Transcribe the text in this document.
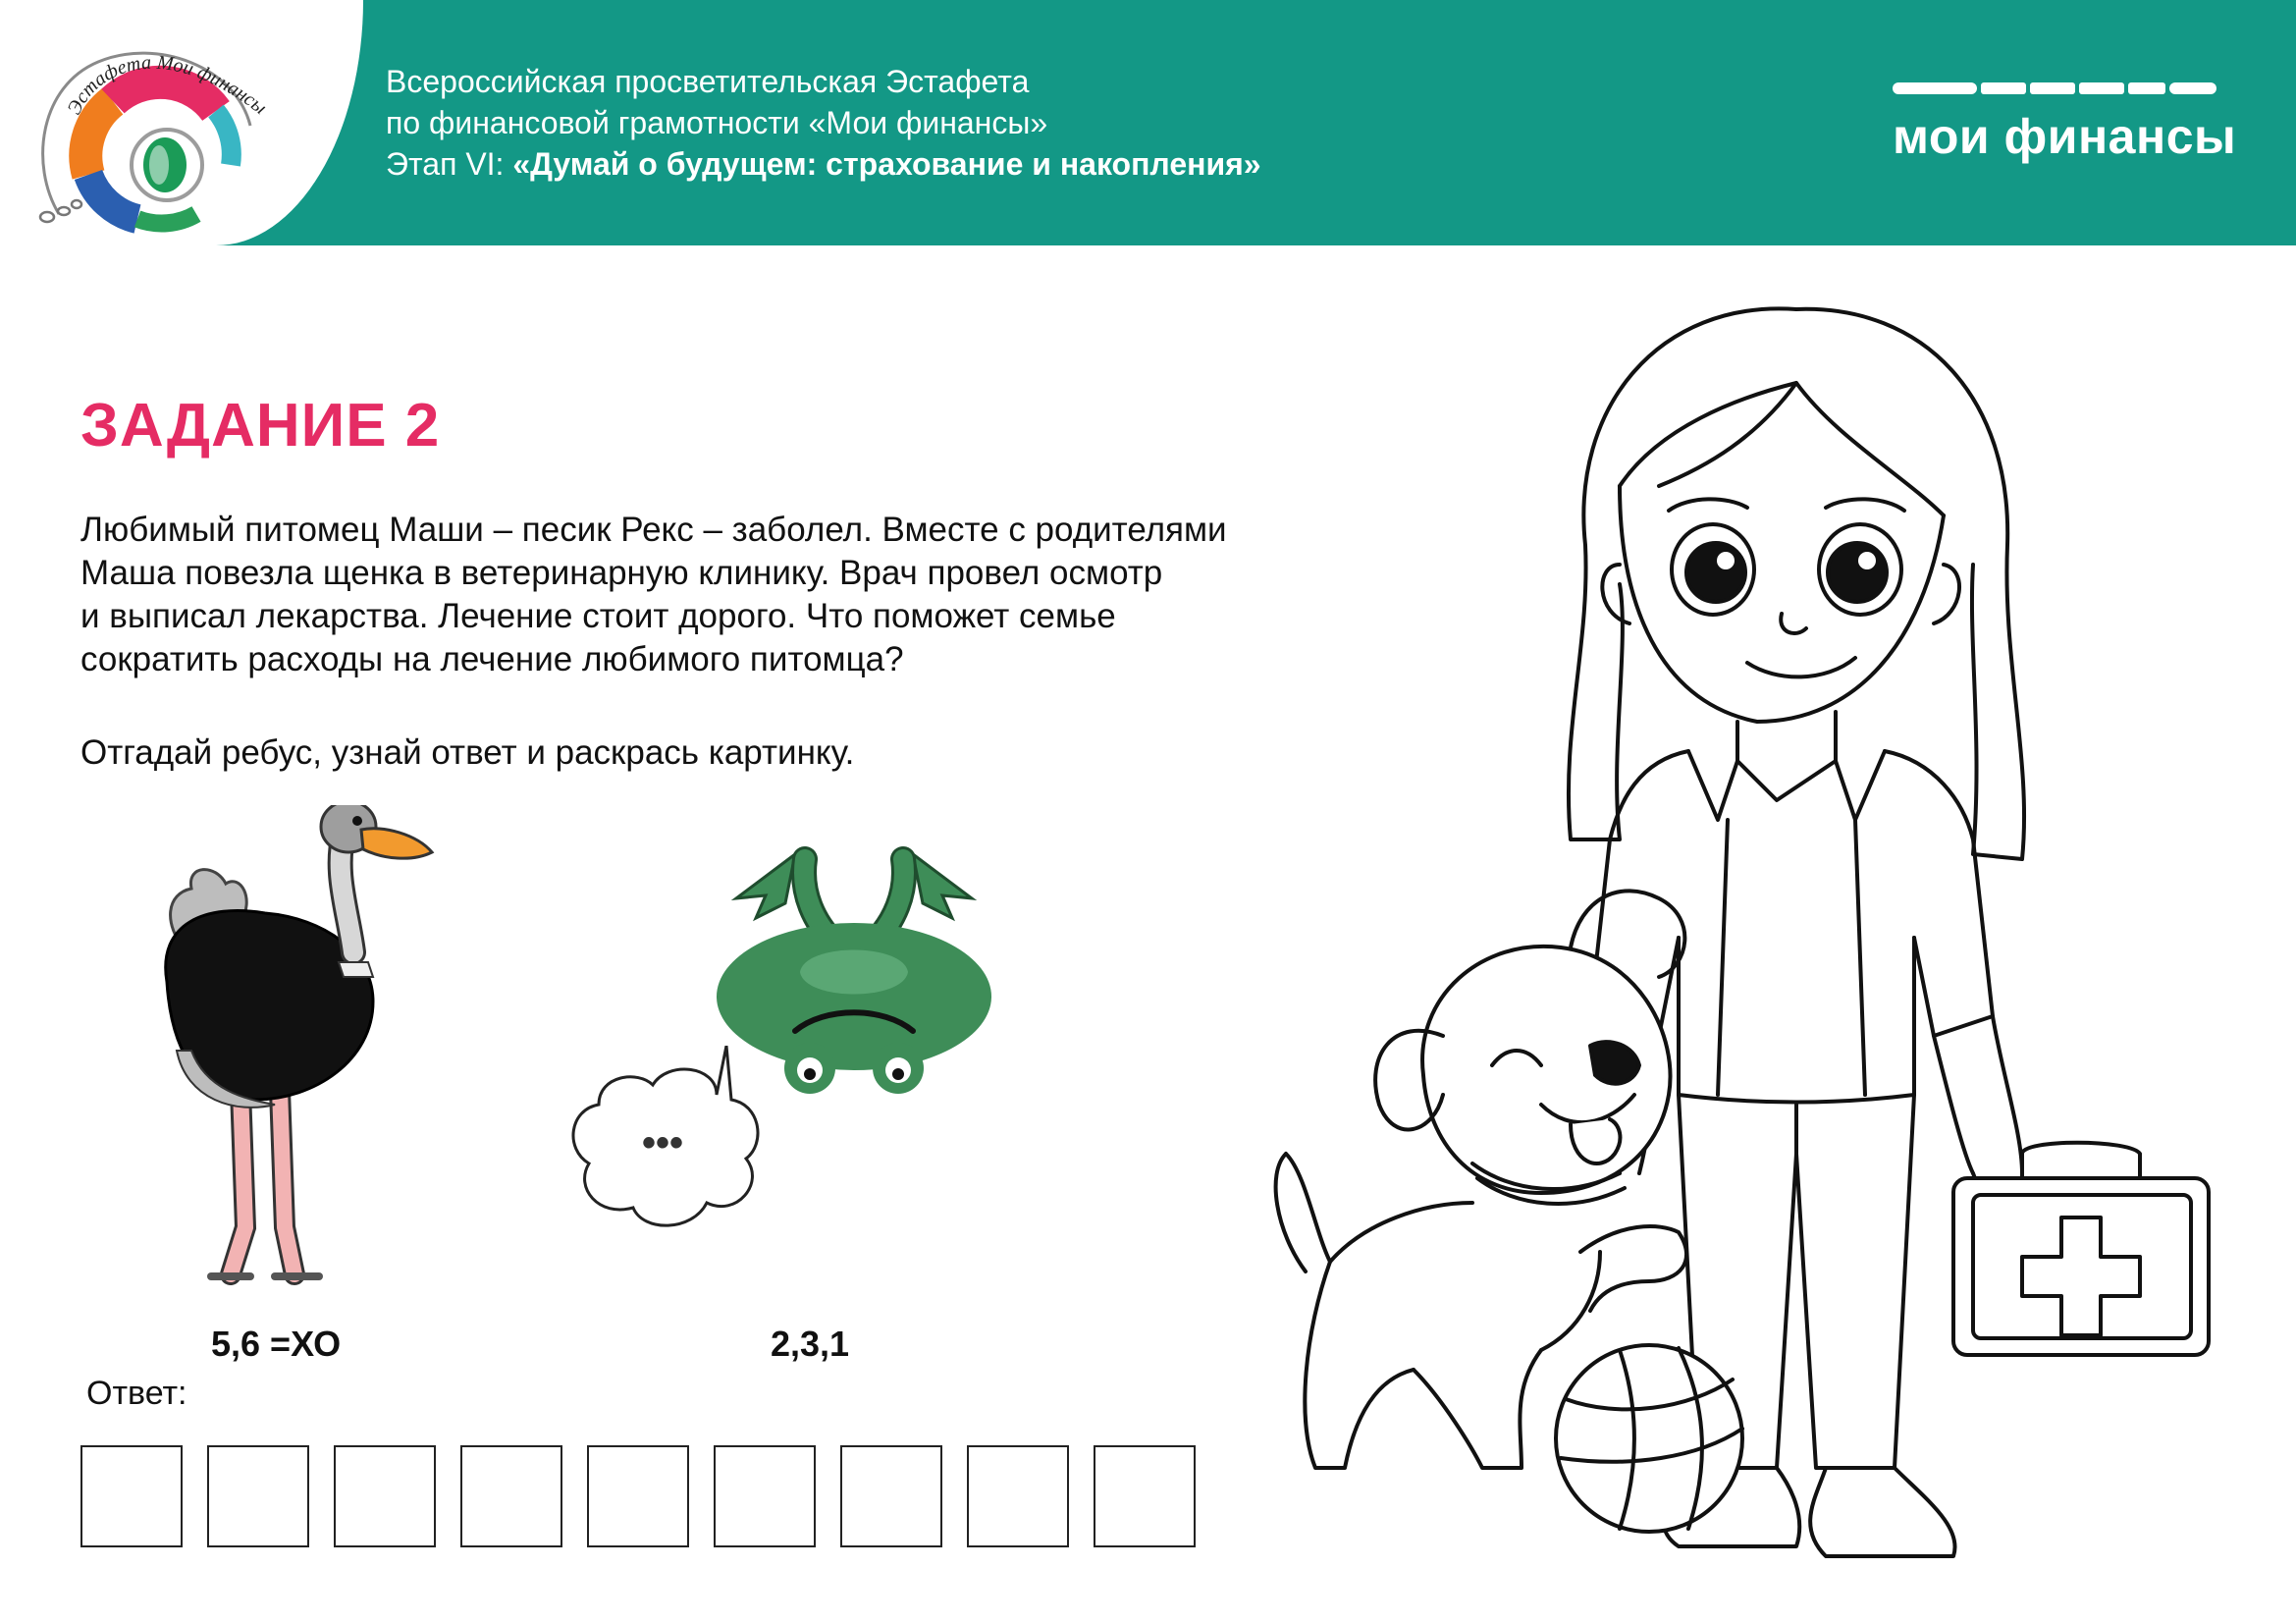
Эстафета Мои финансы
Всероссийская просветительская Эстафета
по финансовой грамотности «Мои финансы»
Этап VI: «Думай о будущем: страхование и накопления»	мои финансы
ЗАДАНИЕ 2
Любимый питомец Маши – песик Рекс – заболел. Вместе с родителями
Маша повезла щенка в ветеринарную клинику. Врач провел осмотр
и выписал лекарства. Лечение стоит дорого. Что поможет семье
сократить расходы на лечение любимого питомца?
Отгадай ребус, узнай ответ и раскрась картинку.
•••
5,6 =ХО	2,3,1
Ответ:
